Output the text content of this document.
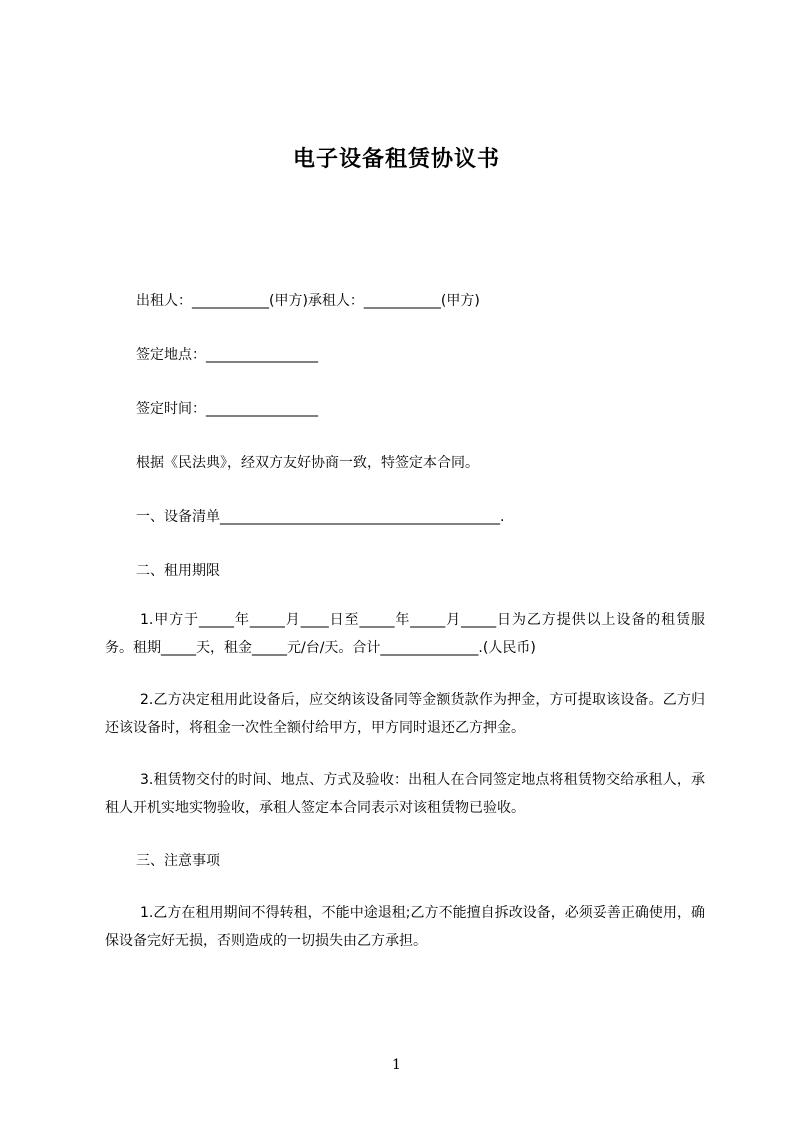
电子设备租赁协议书
出租人：___________(甲方)承租人：___________(甲方)
签定地点：________________
签定时间：________________
根据《民法典》，经双方友好协商一致，特签定本合同。
一、设备清单________________________________________.
二、租用期限
1.甲方于_____年_____月____日至_____年_____月_____日为乙方提供以上设备的租赁服务。租期_____天，租金_____元/台/天。合计______________.(人民币)
2.乙方决定租用此设备后，应交纳该设备同等金额货款作为押金，方可提取该设备。乙方归还该设备时，将租金一次性全额付给甲方，甲方同时退还乙方押金。
3.租赁物交付的时间、地点、方式及验收：出租人在合同签定地点将租赁物交给承租人，承租人开机实地实物验收，承租人签定本合同表示对该租赁物已验收。
三、注意事项
1.乙方在租用期间不得转租，不能中途退租;乙方不能擅自拆改设备，必须妥善正确使用，确保设备完好无损，否则造成的一切损失由乙方承担。
1
